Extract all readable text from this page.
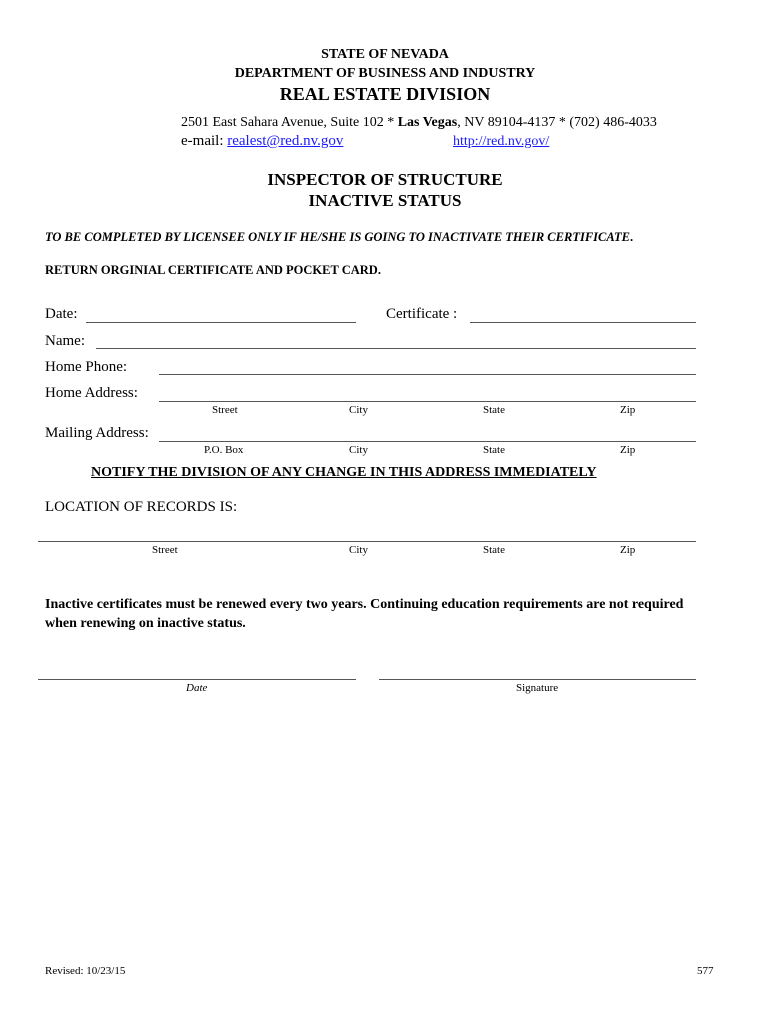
STATE OF NEVADA
DEPARTMENT OF BUSINESS AND INDUSTRY
REAL ESTATE DIVISION
2501 East Sahara Avenue, Suite 102 * Las Vegas, NV 89104-4137 * (702) 486-4033
e-mail: realest@red.nv.gov	http://red.nv.gov/
INSPECTOR OF STRUCTURE
INACTIVE STATUS
TO BE COMPLETED BY LICENSEE ONLY IF HE/SHE IS GOING TO INACTIVATE THEIR CERTIFICATE.
RETURN ORGINIAL CERTIFICATE AND POCKET CARD.
Date:	Certificate :
Name:
Home Phone:
Home Address:
Street	City	State	Zip
Mailing Address:
P.O. Box	City	State	Zip
NOTIFY THE DIVISION OF ANY CHANGE IN THIS ADDRESS IMMEDIATELY
LOCATION OF RECORDS IS:
Street	City	State	Zip
Inactive certificates must be renewed every two years. Continuing education requirements are not required when renewing on inactive status.
Date	Signature
Revised: 10/23/15	577
